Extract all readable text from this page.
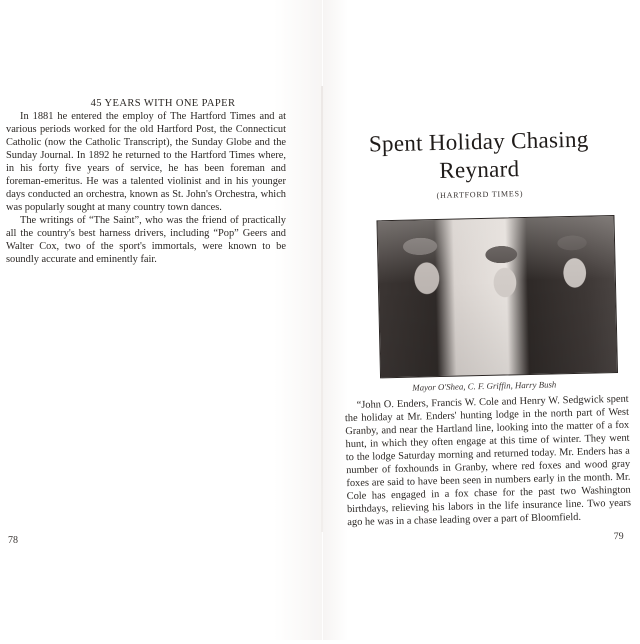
45 YEARS WITH ONE PAPER

In 1881 he entered the employ of The Hartford Times and at various periods worked for the old Hartford Post, the Connecticut Catholic (now the Catholic Transcript), the Sunday Globe and the Sunday Journal. In 1892 he returned to the Hartford Times where, in his forty five years of service, he has been foreman and foreman-emeritus. He was a talented violinist and in his younger days conducted an orchestra, known as St. John's Orchestra, which was popularly sought at many country town dances.

The writings of “The Saint”, who was the friend of practically all the country's best harness drivers, including “Pop” Geers and Walter Cox, two of the sport's immortals, were known to be soundly accurate and eminently fair.

78
Spent Holiday Chasing Reynard
(HARTFORD TIMES)
Mayor O'Shea, C. F. Griffin, Harry Bush

“John O. Enders, Francis W. Cole and Henry W. Sedgwick spent the holiday at Mr. Enders' hunting lodge in the north part of West Granby, and near the Hartland line, looking into the matter of a fox hunt, in which they often engage at this time of winter. They went to the lodge Saturday morning and returned today. Mr. Enders has a number of foxhounds in Granby, where red foxes and wood gray foxes are said to have been seen in numbers early in the month. Mr. Cole has engaged in a fox chase for the past two Washington birthdays, relieving his labors in the life insurance line. Two years ago he was in a chase leading over a part of Bloomfield.

79
